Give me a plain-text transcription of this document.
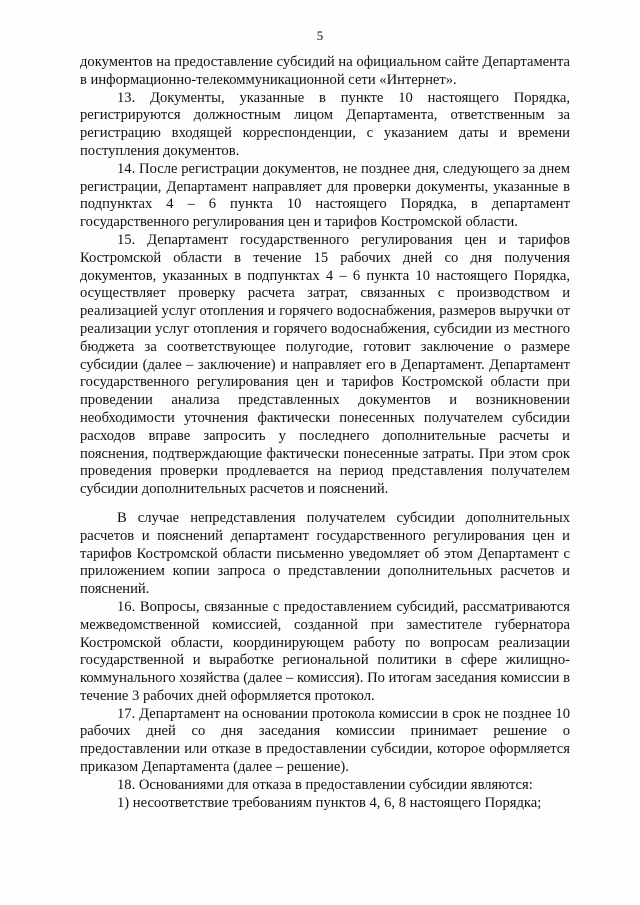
5

документов на предоставление субсидий на официальном сайте Департамента в информационно-телекоммуникационной сети «Интернет».

13. Документы, указанные в пункте 10 настоящего Порядка, регистрируются должностным лицом Департамента, ответственным за регистрацию входящей корреспонденции, с указанием даты и времени поступления документов.

14. После регистрации документов, не позднее дня, следующего за днем регистрации, Департамент направляет для проверки документы, указанные в подпунктах 4 – 6 пункта 10 настоящего Порядка, в департамент государственного регулирования цен и тарифов Костромской области.

15. Департамент государственного регулирования цен и тарифов Костромской области в течение 15 рабочих дней со дня получения документов, указанных в подпунктах 4 – 6 пункта 10 настоящего Порядка, осуществляет проверку расчета затрат, связанных с производством и реализацией услуг отопления и горячего водоснабжения, размеров выручки от реализации услуг отопления и горячего водоснабжения, субсидии из местного бюджета за соответствующее полугодие, готовит заключение о размере субсидии (далее – заключение) и направляет его в Департамент. Департамент государственного регулирования цен и тарифов Костромской области при проведении анализа представленных документов и возникновении необходимости уточнения фактически понесенных получателем субсидии расходов вправе запросить у последнего дополнительные расчеты и пояснения, подтверждающие фактически понесенные затраты. При этом срок проведения проверки продлевается на период представления получателем субсидии дополнительных расчетов и пояснений.

В случае непредставления получателем субсидии дополнительных расчетов и пояснений департамент государственного регулирования цен и тарифов Костромской области письменно уведомляет об этом Департамент с приложением копии запроса о представлении дополнительных расчетов и пояснений.

16. Вопросы, связанные с предоставлением субсидий, рассматриваются межведомственной комиссией, созданной при заместителе губернатора Костромской области, координирующем работу по вопросам реализации государственной и выработке региональной политики в сфере жилищно-коммунального хозяйства (далее – комиссия). По итогам заседания комиссии в течение 3 рабочих дней оформляется протокол.

17. Департамент на основании протокола комиссии в срок не позднее 10 рабочих дней со дня заседания комиссии принимает решение о предоставлении или отказе в предоставлении субсидии, которое оформляется приказом Департамента (далее – решение).

18. Основаниями для отказа в предоставлении субсидии являются:

1) несоответствие требованиям пунктов 4, 6, 8 настоящего Порядка;
